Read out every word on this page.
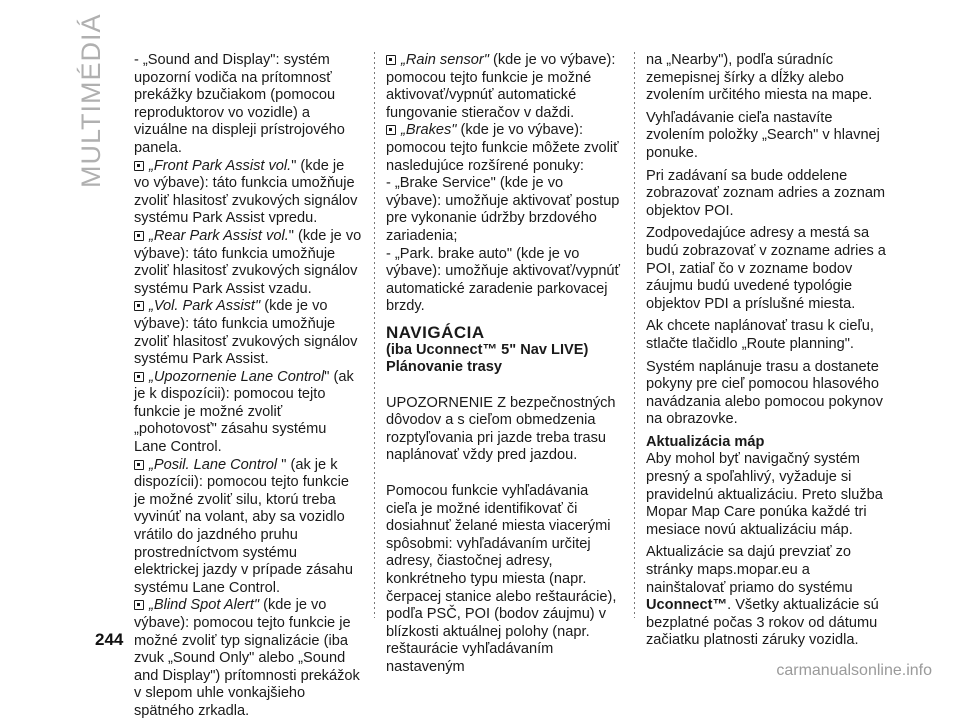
MULTIMÉDIÁ
244

- „Sound and Display": systém upozorní vodiča na prítomnosť prekážky bzučiakom (pomocou reproduktorov vo vozidle) a vizuálne na displeji prístrojového panela.

„Front Park Assist vol." (kde je vo výbave): táto funkcia umožňuje zvoliť hlasitosť zvukových signálov systému Park Assist vpredu.

„Rear Park Assist vol." (kde je vo výbave): táto funkcia umožňuje zvoliť hlasitosť zvukových signálov systému Park Assist vzadu.

„Vol. Park Assist" (kde je vo výbave): táto funkcia umožňuje zvoliť hlasitosť zvukových signálov systému Park Assist.

„Upozornenie Lane Control" (ak je k dispozícii): pomocou tejto funkcie je možné zvoliť „pohotovosť" zásahu systému Lane Control.

„Posil. Lane Control " (ak je k dispozícii): pomocou tejto funkcie je možné zvoliť silu, ktorú treba vyvinúť na volant, aby sa vozidlo vrátilo do jazdného pruhu prostredníctvom systému elektrickej jazdy v prípade zásahu systému Lane Control.

„Blind Spot Alert" (kde je vo výbave): pomocou tejto funkcie je možné zvoliť typ signalizácie (iba zvuk „Sound Only" alebo „Sound and Display") prítomnosti prekážok v slepom uhle vonkajšieho spätného zrkadla.

„Rain sensor" (kde je vo výbave): pomocou tejto funkcie je možné aktivovať/vypnúť automatické fungovanie stieračov v daždi.

„Brakes" (kde je vo výbave): pomocou tejto funkcie môžete zvoliť nasledujúce rozšírené ponuky:

- „Brake Service" (kde je vo výbave): umožňuje aktivovať postup pre vykonanie údržby brzdového zariadenia;

- „Park. brake auto" (kde je vo výbave): umožňuje aktivovať/vypnúť automatické zaradenie parkovacej brzdy.

NAVIGÁCIA

(iba Uconnect™ 5" Nav LIVE) Plánovanie trasy

UPOZORNENIE Z bezpečnostných dôvodov a s cieľom obmedzenia rozptyľovania pri jazde treba trasu naplánovať vždy pred jazdou.

Pomocou funkcie vyhľadávania cieľa je možné identifikovať či dosiahnuť želané miesta viacerými spôsobmi: vyhľadávaním určitej adresy, čiastočnej adresy, konkrétneho typu miesta (napr. čerpacej stanice alebo reštaurácie), podľa PSČ, POI (bodov záujmu) v blízkosti aktuálnej polohy (napr. reštaurácie vyhľadávaním nastaveným

na „Nearby"), podľa súradníc zemepisnej šírky a dĺžky alebo zvolením určitého miesta na mape.

Vyhľadávanie cieľa nastavíte zvolením položky „Search" v hlavnej ponuke.

Pri zadávaní sa bude oddelene zobrazovať zoznam adries a zoznam objektov POI.

Zodpovedajúce adresy a mestá sa budú zobrazovať v zozname adries a POI, zatiaľ čo v zozname bodov záujmu budú uvedené typológie objektov PDI a príslušné miesta.

Ak chcete naplánovať trasu k cieľu, stlačte tlačidlo „Route planning".

Systém naplánuje trasu a dostanete pokyny pre cieľ pomocou hlasového navádzania alebo pomocou pokynov na obrazovke.

Aktualizácia máp

Aby mohol byť navigačný systém presný a spoľahlivý, vyžaduje si pravidelnú aktualizáciu. Preto služba Mopar Map Care ponúka každé tri mesiace novú aktualizáciu máp.

Aktualizácie sa dajú prevziať zo stránky maps.mopar.eu a nainštalovať priamo do systému Uconnect™. Všetky aktualizácie sú bezplatné počas 3 rokov od dátumu začiatku platnosti záruky vozidla.

carmanualsonline.info
